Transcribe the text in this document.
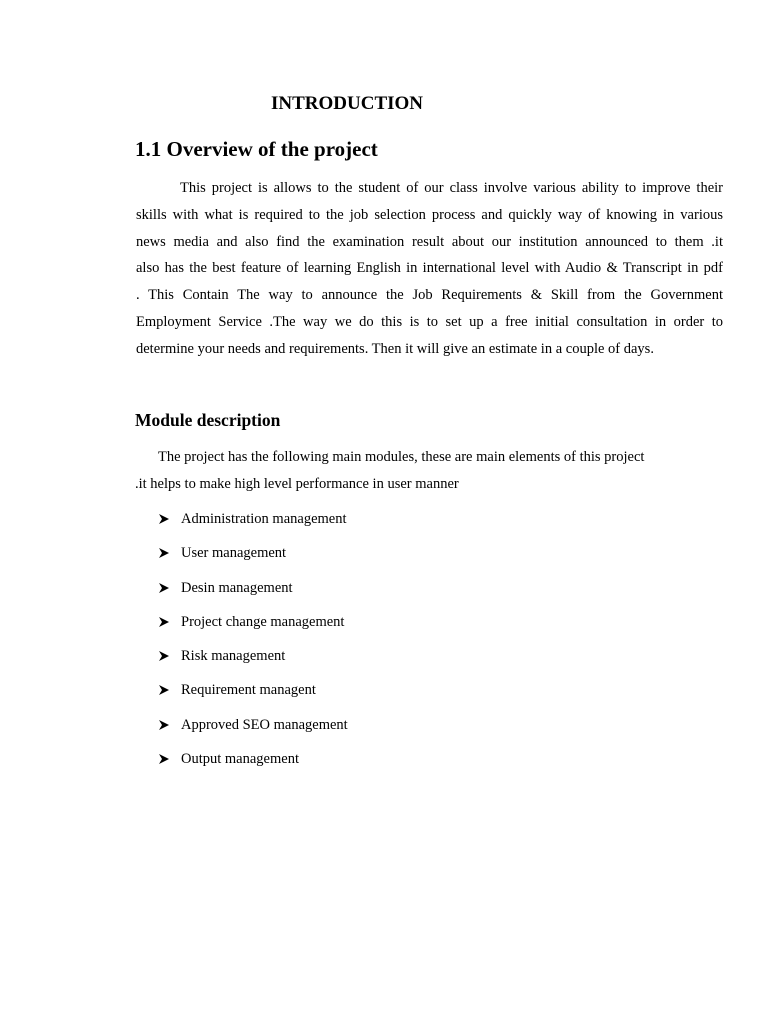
INTRODUCTION
1.1 Overview of the project

This project is allows to the student of our class involve various ability to improve their
skills with what is required to the job selection process and quickly way of knowing in various
news media and also find the examination result about our institution announced to them .it
also has the best feature of learning English in international level with Audio & Transcript in pdf
. This Contain The way to announce the Job Requirements & Skill from the Government
Employment Service .The way we do this is to set up a free initial consultation in order to
determine your needs and requirements. Then it will give an estimate in a couple of days.

Module description

The project has the following main modules, these are main elements of this project
.it helps to make high level performance in user manner

Administration management
User management
Desin management
Project change management
Risk management
Requirement managent
Approved SEO management
Output management
